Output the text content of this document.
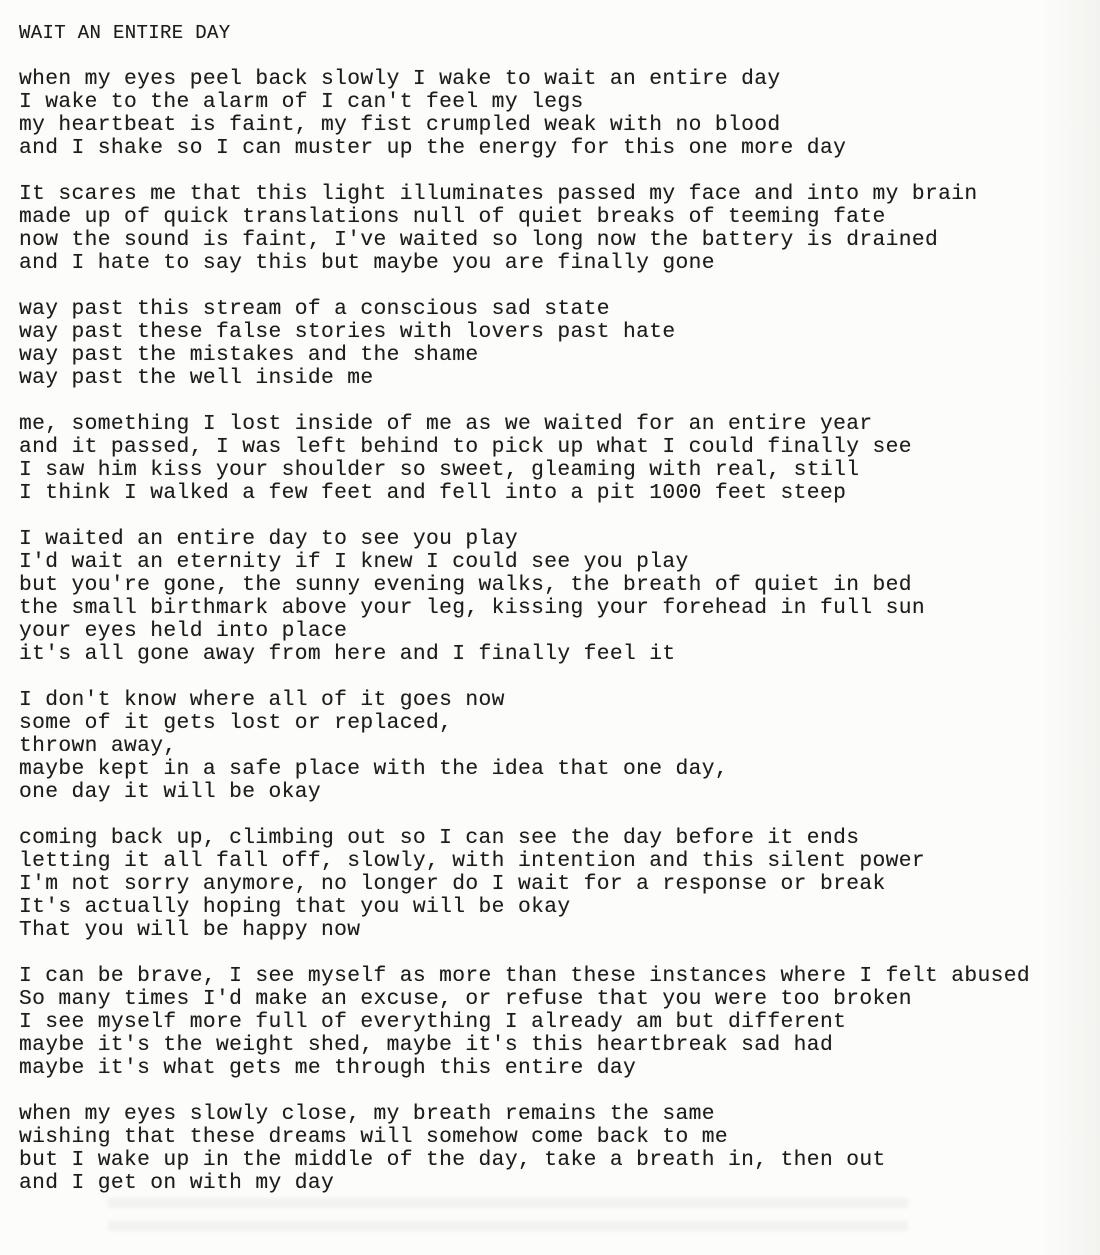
WAIT AN ENTIRE DAY
when my eyes peel back slowly I wake to wait an entire day
I wake to the alarm of I can't feel my legs
my heartbeat is faint, my fist crumpled weak with no blood
and I shake so I can muster up the energy for this one more day
It scares me that this light illuminates passed my face and into my brain
made up of quick translations null of quiet breaks of teeming fate
now the sound is faint, I've waited so long now the battery is drained
and I hate to say this but maybe you are finally gone
way past this stream of a conscious sad state
way past these false stories with lovers past hate
way past the mistakes and the shame
way past the well inside me
me, something I lost inside of me as we waited for an entire year
and it passed, I was left behind to pick up what I could finally see
I saw him kiss your shoulder so sweet, gleaming with real, still
I think I walked a few feet and fell into a pit 1000 feet steep
I waited an entire day to see you play
I'd wait an eternity if I knew I could see you play
but you're gone, the sunny evening walks, the breath of quiet in bed
the small birthmark above your leg, kissing your forehead in full sun
your eyes held into place
it's all gone away from here and I finally feel it
I don't know where all of it goes now
some of it gets lost or replaced,
thrown away,
maybe kept in a safe place with the idea that one day,
one day it will be okay
coming back up, climbing out so I can see the day before it ends
letting it all fall off, slowly, with intention and this silent power
I'm not sorry anymore, no longer do I wait for a response or break
It's actually hoping that you will be okay
That you will be happy now
I can be brave, I see myself as more than these instances where I felt abused
So many times I'd make an excuse, or refuse that you were too broken
I see myself more full of everything I already am but different
maybe it's the weight shed, maybe it's this heartbreak sad had
maybe it's what gets me through this entire day
when my eyes slowly close, my breath remains the same
wishing that these dreams will somehow come back to me
but I wake up in the middle of the day, take a breath in, then out
and I get on with my day
